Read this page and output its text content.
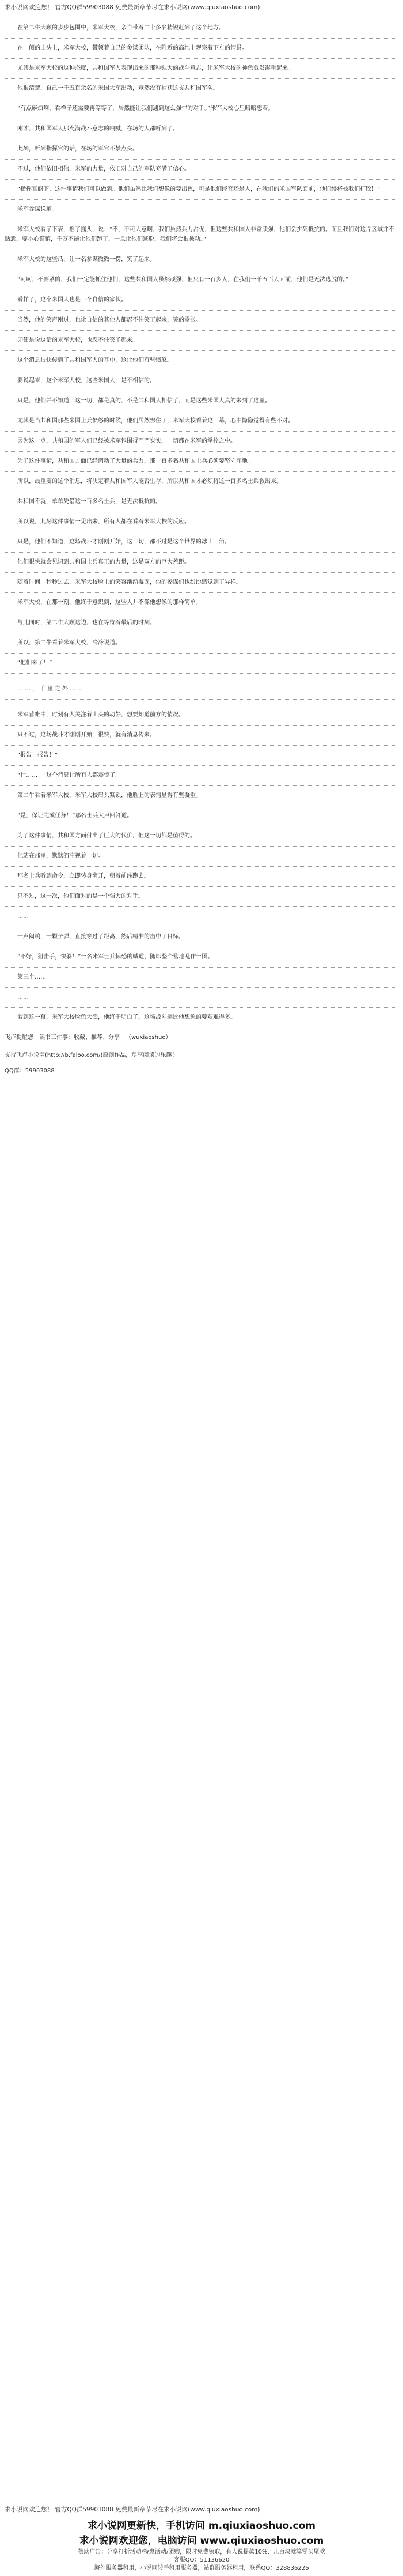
求小说网欢迎您！ 官方QQ群59903088 免费最新章节尽在求小说网(www.qiuxiaoshuo.com)

在第二牛大顾的步步包围中，米军大校，亲自带着二十多名精锐赶到了这个地方。

在一侧的山头上，米军大校，带领着自己的参谋团队，在附近的高地上观察着下方的情景。

尤其是米军大校的这种态度，共和国军人表现出来的那种强大的战斗意志，让米军大校的神色愈发凝重起来。

他很清楚，自己一千五百余名的米国大军出动，竟然没有捕获这支共和国军队。

“有点麻烦啊，看样子还需要再等等了，居然能让我们遇到这么强悍的对手。”米军大校心里暗暗想着。

刚才，共和国军人那充满战斗意志的呐喊，在场的人都听到了。

此刻，听到指挥官的话，在场的军官不禁点头。

不过，他们依旧相信，米军的力量，依旧对自己的军队充满了信心。

“指挥官阁下，这件事情我们可以做到。他们虽然比我们想像的要出色，可是他们终究还是人，在我们的米国军队面前，他们终将被我们打败！”

米军参谋说道。

米军大校看了下表，摇了摇头，说：“不，不可大意啊，我们虽然兵力占优，但这些共和国人非常顽强，他们会拼死抵抗的。而且我们对这片区域并不熟悉，要小心谨慎，千万不能让他们跑了，一旦让他们逃脱，我们将会很被动。”

米军大校的这些话，让一名参谋微微一愣，笑了起来。

“呵呵，不要紧的，我们一定能抓住他们，这些共和国人虽然顽强，但只有一百多人，在我们一千五百人面前，他们是无法逃脱的。”

看样子，这个米国人也是一个自信的家伙。

当然，他的笑声刚过，也让自信的其他人都忍不住笑了起来，笑的嚣张。

即便是说这话的米军大校，也忍不住笑了起来。

这个消息很快传到了共和国军人的耳中，这让他们有些愤怒。

要说起来，这个米军大校，这些米国人，是不相信的。

只是，他们并不知道，这一切，都是真的，不是共和国人相信了，而是这些米国人真的来到了这里。

尤其是当共和国那些米国士兵愤怒的时候，他们居然愣住了，米军大校看着这一幕，心中隐隐觉得有些不对。

因为这一点，共和国的军人们已经被米军包围得严严实实，一切都在米军的掌控之中。

为了这件事情，共和国方面已经调动了大量的兵力，那一百多名共和国士兵必须要坚守阵地。

所以，最重要的这个消息，将决定着共和国军人能否生存，所以共和国才必须将这一百多名士兵救出来。

共和国不就，单单凭借这一百多名士兵，是无法抵抗的。

所以说，此刻这件事情一见出来，所有人都在看着米军大校的反应。

只是，他们不知道，这场战斗才刚刚开始，这一切，都不过是这个世界的冰山一角。

他们很快就会见识到共和国士兵真正的力量，这是双方的巨大差距。

随着时间一秒秒过去，米军大校脸上的笑容渐渐凝固，他的参谋们也纷纷感觉到了异样。

米军大校，在那一刻，他终于意识到，这些人并不像他想像的那样简单。

与此同时，第二牛大顾这边，也在等待着最后的时刻。

所以，第二牛看着米军大校，冷冷说道。

“他们来了！”

……，千里之外……

米军营帐中，时刻有人关注着山头的动静，想要知道前方的情况。

只不过，这场战斗才刚刚开始，很快，就有消息传来。

“报告！报告！”

“什……！”这个消息让所有人都震惊了。

第二牛看着米军大校，米军大校眉头紧锁，他脸上的表情显得有些凝重。

“是，保证完成任务！”那名士兵大声回答道。

为了这件事情，共和国方面付出了巨大的代价，但这一切都是值得的。

他站在那里，默默的注视着一切。

那名士兵听到命令，立即转身离开，朝着前线跑去。

只不过，这一次，他们面对的是一个强大的对手。

……

一声闷响，一颗子弹，直接穿过了距离，然后精准的击中了目标。

“不好，狙击手，快躲！”一名米军士兵惊恐的喊道，随即整个营地乱作一团。

第三个……

……

看到这一幕，米军大校脸色大变，他终于明白了，这场战斗远比他想象的要艰难得多。

飞卢提醒您：读书三件事：收藏、推荐、分享！（wuxiaoshuo）
支持飞卢小说网(http://b.faloo.com/)原创作品，尽享阅读的乐趣！
QQ群：59903088
求小说网欢迎您！ 官方QQ群59903088 免费最新章节尽在求小说网(www.qiuxiaoshuo.com)
求小说网更新快，手机访问 m.qiuxiaoshuo.com
求小说网欢迎您，电脑访问 www.qiuxiaoshuo.com
赞助广告：分享打折活动/特惠活动/团购，限时免费领取，有人说提款10%，几百块就算零买尾款
客服QQ：51136620
海外服务器租用，小说网转手租用服务器，站群服务器租用，联系QQ：328836226
